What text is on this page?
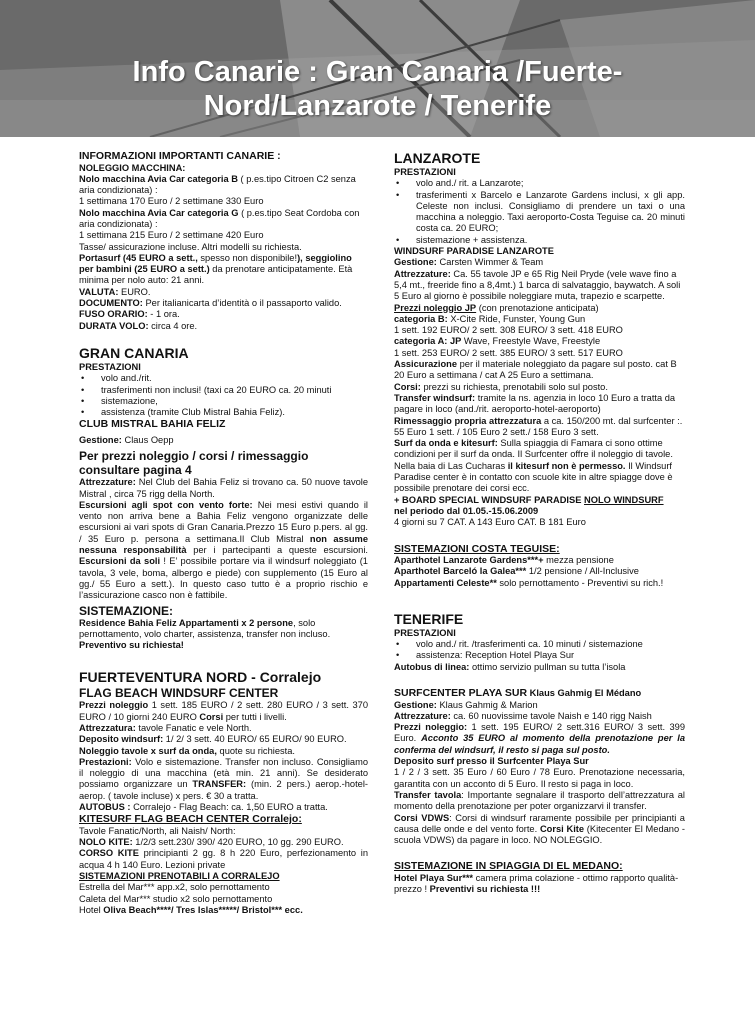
Info Canarie : Gran Canaria /Fuerte-
Nord/Lanzarote / Tenerife
INFORMAZIONI IMPORTANTI CANARIE :

NOLEGGIO MACCHINA:

Nolo macchina Avia Car categoria B ( p.es.tipo Citroen C2 senza aria condizionata) :

1 settimana 170 Euro / 2 settimane 330 Euro

Nolo macchina Avia Car categoria G ( p.es.tipo Seat Cordoba con aria condizionata) :

1 settimana 215 Euro / 2 settimane 420 Euro

Tasse/ assicurazione incluse. Altri modelli su richiesta.

Portasurf (45 EURO a sett., spesso non disponibile!), seggiolino per bambini (25 EURO a sett.) da prenotare anticipatamente. Età minima per nolo auto: 21 anni.

VALUTA: EURO.

DOCUMENTO: Per italianicarta d’identità o il passaporto valido.

FUSO ORARIO: - 1 ora.

DURATA VOLO: circa 4 ore.

GRAN CANARIA

PRESTAZIONI

• volo and./rit.
• trasferimenti non inclusi! (taxi ca 20 EURO ca. 20 minuti
• sistemazione,
• assistenza (tramite Club Mistral Bahia Feliz).

CLUB MISTRAL BAHIA FELIZ

Gestione: Claus Oepp

Per prezzi noleggio / corsi / rimessaggio consultare pagina 4

Attrezzature: Nel Club del Bahia Feliz si trovano ca. 50 nuove tavole Mistral , circa 75 rigg della North.

Escursioni agli spot con vento forte: Nei mesi estivi quando il vento non arriva bene a Bahia Feliz vengono organizzate delle escursioni ai vari spots di Gran Canaria.Prezzo 15 Euro p.pers. al gg. / 35 Euro p. persona a settimana.Il Club Mistral non assume nessuna responsabilità per i partecipanti a queste escursioni. Escursioni da soli ! E’ possibile portare via il windsurf noleggiato (1 tavola, 3 vele, boma, albergo e piede) con supplemento (15 Euro al gg./ 55 Euro a sett.). In questo caso tutto è a proprio rischio e l’assicurazione casco non è fattibile.

SISTEMAZIONE:

Residence Bahia Feliz Appartamenti x 2 persone, solo pernottamento, volo charter, assistenza, transfer non incluso. Preventivo su richiesta!

FUERTEVENTURA NORD - Corralejo

FLAG BEACH WINDSURF CENTER

Prezzi noleggio 1 sett. 185 EURO / 2 sett. 280 EURO / 3 sett. 370 EURO / 10 giorni 240 EURO Corsi per tutti i livelli.

Attrezzatura: tavole Fanatic e vele North.

Deposito windsurf: 1/ 2/ 3 sett. 40 EURO/ 65 EURO/ 90 EURO.

Noleggio tavole x surf da onda, quote su richiesta.

Prestazioni: Volo e sistemazione. Transfer non incluso. Consigliamo il noleggio di una macchina (età min. 21 anni). Se desiderato possiamo organizzare un TRANSFER: (min. 2 pers.) aerop.-hotel- aerop. ( tavole incluse) x pers. € 30 a tratta.

AUTOBUS : Corralejo - Flag Beach: ca. 1,50 EURO a tratta.

KITESURF FLAG BEACH CENTER Corralejo:

Tavole Fanatic/North, ali Naish/ North:

NOLO KITE: 1/2/3 sett.230/ 390/ 420 EURO, 10 gg. 290 EURO.

CORSO KITE principianti 2 gg. 8 h 220 Euro, perfezionamento in acqua 4 h 140 Euro. Lezioni private

SISTEMAZIONI PRENOTABILI A CORRALEJO

Estrella del Mar*** app.x2, solo pernottamento

Caleta del Mar*** studio x2 solo pernottamento

Hotel Oliva Beach****/ Tres Islas*****/ Bristol*** ecc.

LANZAROTE

PRESTAZIONI

• volo and./ rit. a Lanzarote;
• trasferimenti x Barcelo e Lanzarote Gardens inclusi, x gli app. Celeste non inclusi. Consigliamo di prendere un taxi o una macchina a noleggio. Taxi aeroporto-Costa Teguise ca. 20 minuti costa ca. 20 EURO;
• sistemazione + assistenza.

WINDSURF PARADISE LANZAROTE

Gestione: Carsten Wimmer & Team

Attrezzature: Ca. 55 tavole JP e 65 Rig Neil Pryde (vele wave fino a 5,4 mt., freeride fino a 8,4mt.) 1 barca di salvataggio, baywatch. A soli 5 Euro al giorno è possibile noleggiare muta, trapezio e scarpette.

Prezzi noleggio JP (con prenotazione anticipata)

categoria B: X-Cite Ride, Funster, Young Gun

1 sett. 192 EURO/ 2 sett. 308 EURO/ 3 sett. 418 EURO

categoria A: JP Wave, Freestyle Wave, Freestyle

1 sett. 253 EURO/ 2 sett. 385 EURO/ 3 sett. 517 EURO

Assicurazione per il materiale noleggiato da pagare sul posto. cat B 20 Euro a settimana / cat A 25 Euro a settimana.

Corsi: prezzi su richiesta, prenotabili solo sul posto.

Transfer windsurf: tramite la ns. agenzia in loco 10 Euro a tratta da pagare in loco (and./rit. aeroporto-hotel-aeroporto)

Rimessaggio propria attrezzatura a ca. 150/200 mt. dal surfcenter :. 55 Euro 1 sett. / 105 Euro 2 sett./ 158 Euro 3 sett.

Surf da onda e kitesurf: Sulla spiaggia di Famara ci sono ottime condizioni per il surf da onda. Il Surfcenter offre il noleggio di tavole. Nella baia di Las Cucharas il kitesurf non è permesso. Il Windsurf Paradise center è in contatto con scuole kite in altre spiagge dove è possibile prenotare dei corsi ecc.

+ BOARD SPECIAL WINDSURF PARADISE NOLO WINDSURF

nel periodo dal 01.05.-15.06.2009

4 giorni su 7 CAT. A 143 Euro CAT. B 181 Euro

SISTEMAZIONI COSTA TEGUISE:

Aparthotel Lanzarote Gardens***+ mezza pensione

Aparthotel Barceló la Galea*** 1/2 pensione / All-Inclusive

Appartamenti Celeste** solo pernottamento - Preventivi su rich.!

TENERIFE

PRESTAZIONI

• volo and./ rit. /trasferimenti ca. 10 minuti / sistemazione
• assistenza: Reception Hotel Playa Sur

Autobus di linea: ottimo servizio pullman su tutta l’isola

SURFCENTER PLAYA SUR Klaus Gahmig El Médano

Gestione: Klaus Gahmig & Marion

Attrezzature: ca. 60 nuovissime tavole Naish e 140 rigg Naish

Prezzi noleggio: 1 sett. 195 EURO/ 2 sett.316 EURO/ 3 sett. 399 Euro. Acconto 35 EURO al momento della prenotazione per la conferma del windsurf, il resto si paga sul posto.

Deposito surf presso il Surfcenter Playa Sur

1 / 2 / 3 sett. 35 Euro / 60 Euro / 78 Euro. Prenotazione necessaria, garantita con un acconto di 5 Euro. Il resto si paga in loco.

Transfer tavola: Importante segnalare il trasporto dell’attrezzatura al momento della prenotazione per poter organizzarvi il transfer.

Corsi VDWS: Corsi di windsurf raramente possibile per principianti a causa delle onde e del vento forte. Corsi Kite (Kitecenter El Medano - scuola VDWS) da pagare in loco. NO NOLEGGIO.

SISTEMAZIONE IN SPIAGGIA DI EL MEDANO:

Hotel Playa Sur*** camera prima colazione - ottimo rapporto qualità-prezzo ! Preventivi su richiesta !!!
